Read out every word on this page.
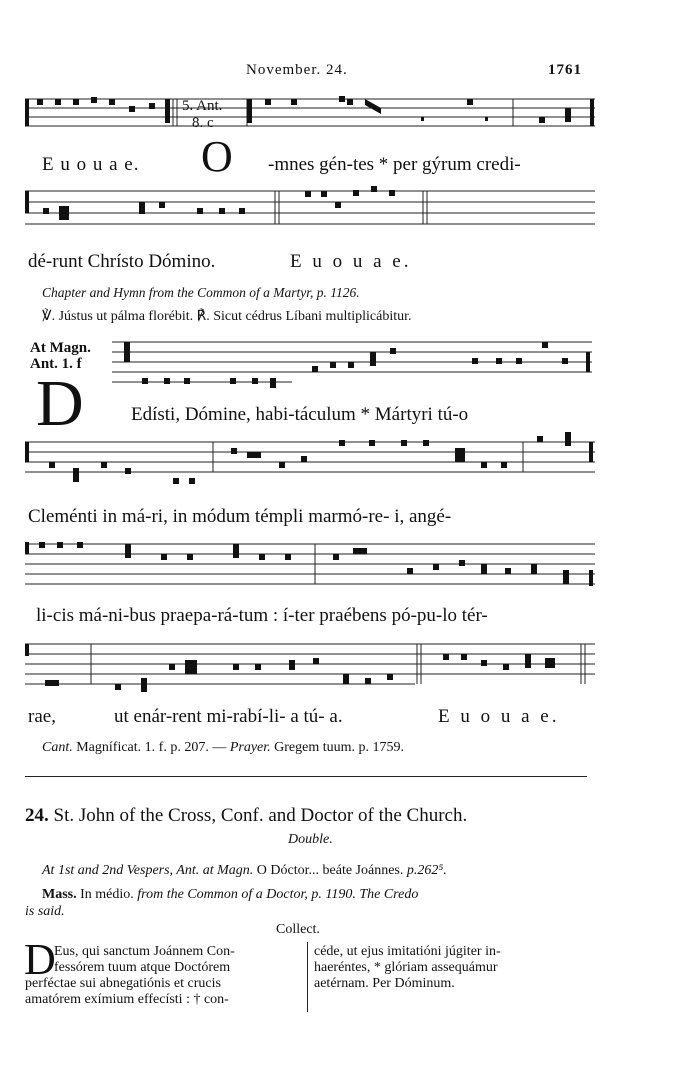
November. 24.	1761
5. Ant.
8. c
E u o u a e. O -mnes gén-tes * per gýrum credi-
dé-runt Chrísto Dómino.	E u o u a e.
Chapter and Hymn from the Common of a Martyr, p. 1126.
℣. Jústus ut pálma florébit. ℟. Sicut cédrus Líbani multiplicábitur.
At Magn.
Ant. 1. f
D Edísti, Dómine, habi-táculum * Mártyri tú-o
Cleménti in má-ri, in módum témpli marmó-re- i, angé-
li-cis má-ni-bus praepa-rá-tum : í-ter praébens pó-pu-lo tér-
rae,	ut enár-rent mi-rabí-li- a tú- a.	E u o u a e.
Cant. Magníficat. 1. f. p. 207. — Prayer. Gregem tuum. p. 1759.
24. St. John of the Cross, Conf. and Doctor of the Church.
Double.
At 1st and 2nd Vespers, Ant. at Magn. O Dóctor... beáte Joánnes. p.262⁵.
Mass. In médio. from the Common of a Doctor, p. 1190. The Credo
is said.
Collect.
D
Eus, qui sanctum Joánnem Con-
fessórem tuum atque Doctórem
perféctae sui abnegatiónis et crucis
amatórem exímium effecísti : † con-
céde, ut ejus imitatióni júgiter in-
haeréntes, * glóriam assequámur
aetérnam. Per Dóminum.
